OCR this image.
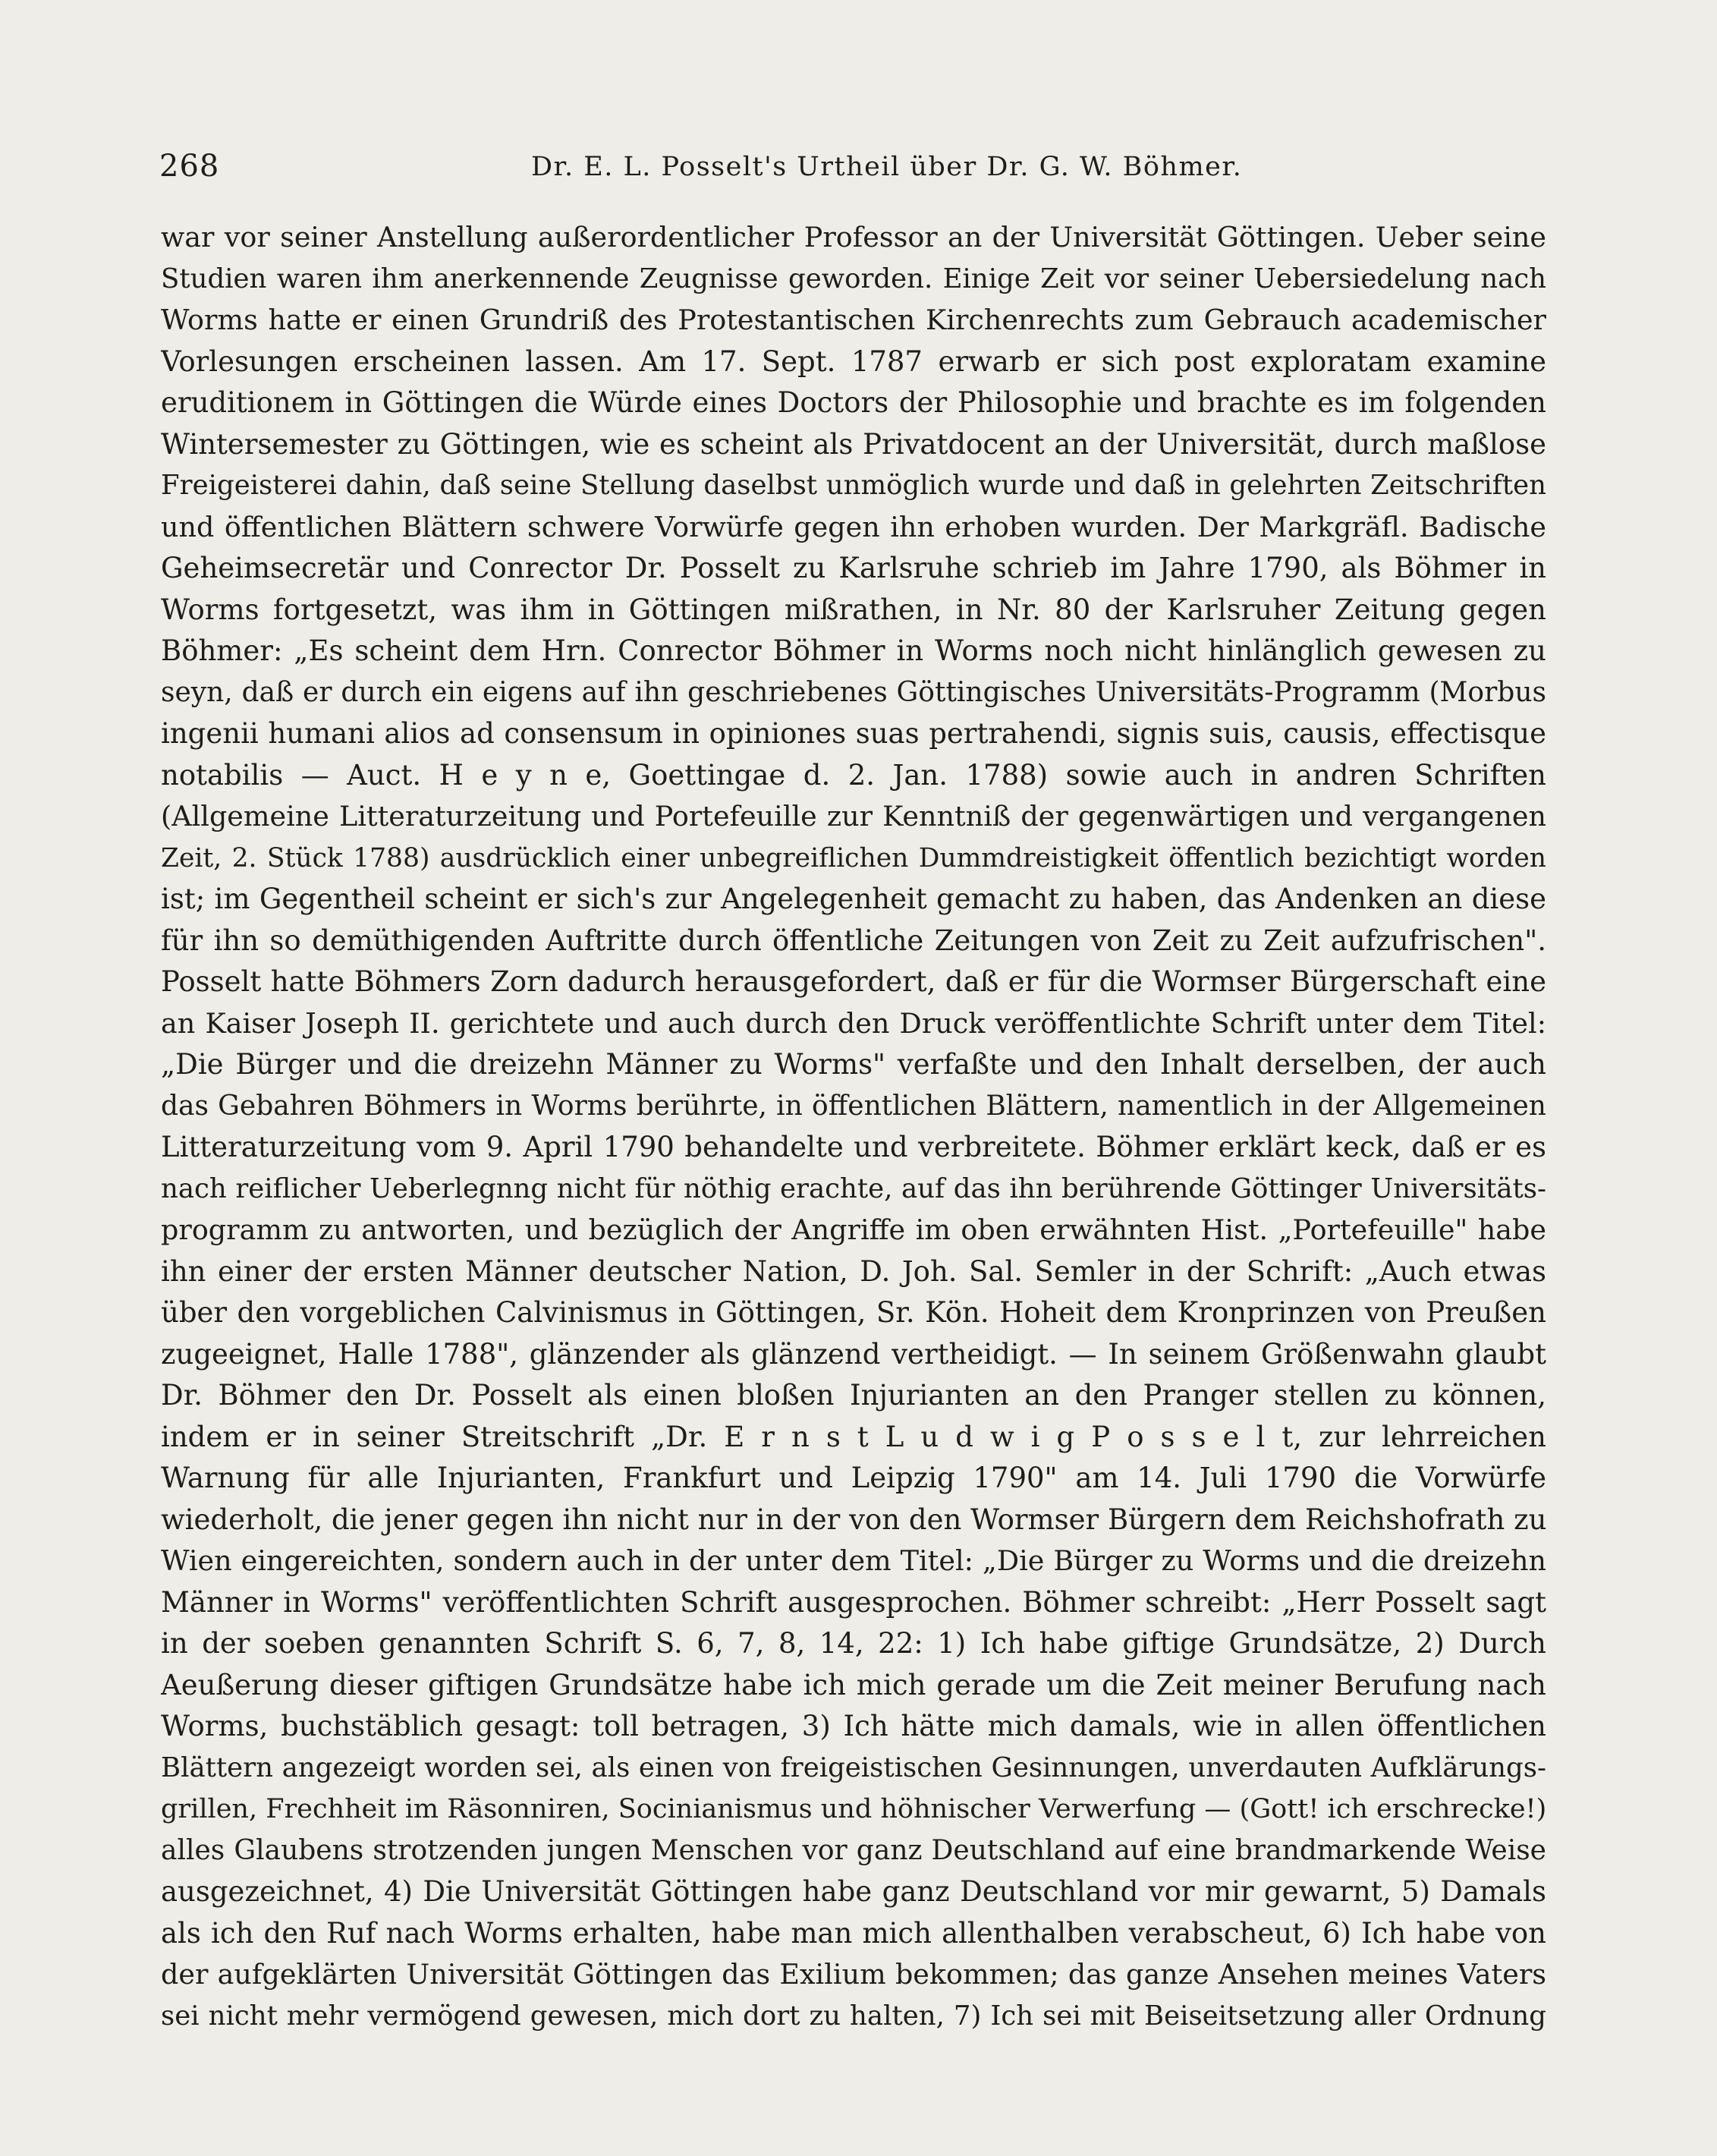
268	Dr. E. L. Posselt's Urtheil über Dr. G. W. Böhmer.
war vor seiner Anstellung außerordentlicher Professor an der Universität Göttingen. Ueber seine
Studien waren ihm anerkennende Zeugnisse geworden. Einige Zeit vor seiner Uebersiedelung nach
Worms hatte er einen Grundriß des Protestantischen Kirchenrechts zum Gebrauch academischer
Vorlesungen erscheinen lassen. Am 17. Sept. 1787 erwarb er sich post exploratam examine
eruditionem in Göttingen die Würde eines Doctors der Philosophie und brachte es im folgenden
Wintersemester zu Göttingen, wie es scheint als Privatdocent an der Universität, durch maßlose
Freigeisterei dahin, daß seine Stellung daselbst unmöglich wurde und daß in gelehrten Zeitschriften
und öffentlichen Blättern schwere Vorwürfe gegen ihn erhoben wurden. Der Markgräfl. Badische
Geheimsecretär und Conrector Dr. Posselt zu Karlsruhe schrieb im Jahre 1790, als Böhmer in
Worms fortgesetzt, was ihm in Göttingen mißrathen, in Nr. 80 der Karlsruher Zeitung gegen
Böhmer: „Es scheint dem Hrn. Conrector Böhmer in Worms noch nicht hinlänglich gewesen zu
seyn, daß er durch ein eigens auf ihn geschriebenes Göttingisches Universitäts-Programm (Morbus
ingenii humani alios ad consensum in opiniones suas pertrahendi, signis suis, causis, effectisque
notabilis — Auct. H e y n e, Goettingae d. 2. Jan. 1788) sowie auch in andren Schriften
(Allgemeine Litteraturzeitung und Portefeuille zur Kenntniß der gegenwärtigen und vergangenen
Zeit, 2. Stück 1788) ausdrücklich einer unbegreiflichen Dummdreistigkeit öffentlich bezichtigt worden
ist; im Gegentheil scheint er sich's zur Angelegenheit gemacht zu haben, das Andenken an diese
für ihn so demüthigenden Auftritte durch öffentliche Zeitungen von Zeit zu Zeit aufzufrischen".
Posselt hatte Böhmers Zorn dadurch herausgefordert, daß er für die Wormser Bürgerschaft eine
an Kaiser Joseph II. gerichtete und auch durch den Druck veröffentlichte Schrift unter dem Titel:
„Die Bürger und die dreizehn Männer zu Worms" verfaßte und den Inhalt derselben, der auch
das Gebahren Böhmers in Worms berührte, in öffentlichen Blättern, namentlich in der Allgemeinen
Litteraturzeitung vom 9. April 1790 behandelte und verbreitete. Böhmer erklärt keck, daß er es
nach reiflicher Ueberlegnng nicht für nöthig erachte, auf das ihn berührende Göttinger Universitäts-
programm zu antworten, und bezüglich der Angriffe im oben erwähnten Hist. „Portefeuille" habe
ihn einer der ersten Männer deutscher Nation, D. Joh. Sal. Semler in der Schrift: „Auch etwas
über den vorgeblichen Calvinismus in Göttingen, Sr. Kön. Hoheit dem Kronprinzen von Preußen
zugeeignet, Halle 1788", glänzender als glänzend vertheidigt. — In seinem Größenwahn glaubt
Dr. Böhmer den Dr. Posselt als einen bloßen Injurianten an den Pranger stellen zu können,
indem er in seiner Streitschrift „Dr. E r n s t L u d w i g P o s s e l t, zur lehrreichen
Warnung für alle Injurianten, Frankfurt und Leipzig 1790" am 14. Juli 1790 die Vorwürfe
wiederholt, die jener gegen ihn nicht nur in der von den Wormser Bürgern dem Reichshofrath zu
Wien eingereichten, sondern auch in der unter dem Titel: „Die Bürger zu Worms und die dreizehn
Männer in Worms" veröffentlichten Schrift ausgesprochen. Böhmer schreibt: „Herr Posselt sagt
in der soeben genannten Schrift S. 6, 7, 8, 14, 22: 1) Ich habe giftige Grundsätze, 2) Durch
Aeußerung dieser giftigen Grundsätze habe ich mich gerade um die Zeit meiner Berufung nach
Worms, buchstäblich gesagt: toll betragen, 3) Ich hätte mich damals, wie in allen öffentlichen
Blättern angezeigt worden sei, als einen von freigeistischen Gesinnungen, unverdauten Aufklärungs-
grillen, Frechheit im Räsonniren, Socinianismus und höhnischer Verwerfung — (Gott! ich erschrecke!)
alles Glaubens strotzenden jungen Menschen vor ganz Deutschland auf eine brandmarkende Weise
ausgezeichnet, 4) Die Universität Göttingen habe ganz Deutschland vor mir gewarnt, 5) Damals
als ich den Ruf nach Worms erhalten, habe man mich allenthalben verabscheut, 6) Ich habe von
der aufgeklärten Universität Göttingen das Exilium bekommen; das ganze Ansehen meines Vaters
sei nicht mehr vermögend gewesen, mich dort zu halten, 7) Ich sei mit Beiseitsetzung aller Ordnung
